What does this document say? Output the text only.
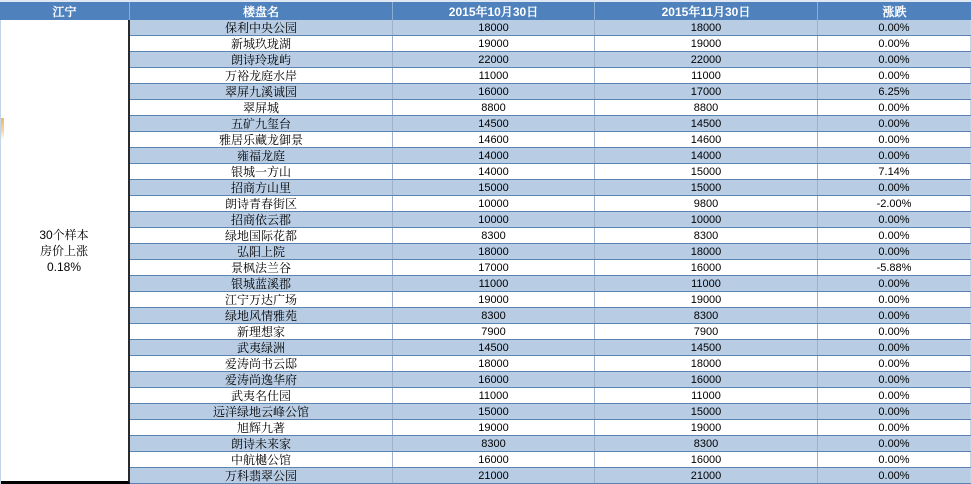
江宁	楼盘名	2015年10月30日	2015年11月30日	涨跌
30个样本
房价上涨
0.18%
保利中央公园	18000	18000	0.00%
新城玖珑湖	19000	19000	0.00%
朗诗玲珑屿	22000	22000	0.00%
万裕龙庭水岸	11000	11000	0.00%
翠屏九溪诚园	16000	17000	6.25%
翠屏城	8800	8800	0.00%
五矿九玺台	14500	14500	0.00%
雅居乐藏龙御景	14600	14600	0.00%
雍福龙庭	14000	14000	0.00%
银城一方山	14000	15000	7.14%
招商方山里	15000	15000	0.00%
朗诗青春街区	10000	9800	-2.00%
招商依云郡	10000	10000	0.00%
绿地国际花都	8300	8300	0.00%
弘阳上院	18000	18000	0.00%
景枫法兰谷	17000	16000	-5.88%
银城蓝溪郡	11000	11000	0.00%
江宁万达广场	19000	19000	0.00%
绿地风情雅苑	8300	8300	0.00%
新理想家	7900	7900	0.00%
武夷绿洲	14500	14500	0.00%
爱涛尚书云邸	18000	18000	0.00%
爱涛尚逸华府	16000	16000	0.00%
武夷名仕园	11000	11000	0.00%
远洋绿地云峰公馆	15000	15000	0.00%
旭辉九著	19000	19000	0.00%
朗诗未来家	8300	8300	0.00%
中航樾公馆	16000	16000	0.00%
万科翡翠公园	21000	21000	0.00%
